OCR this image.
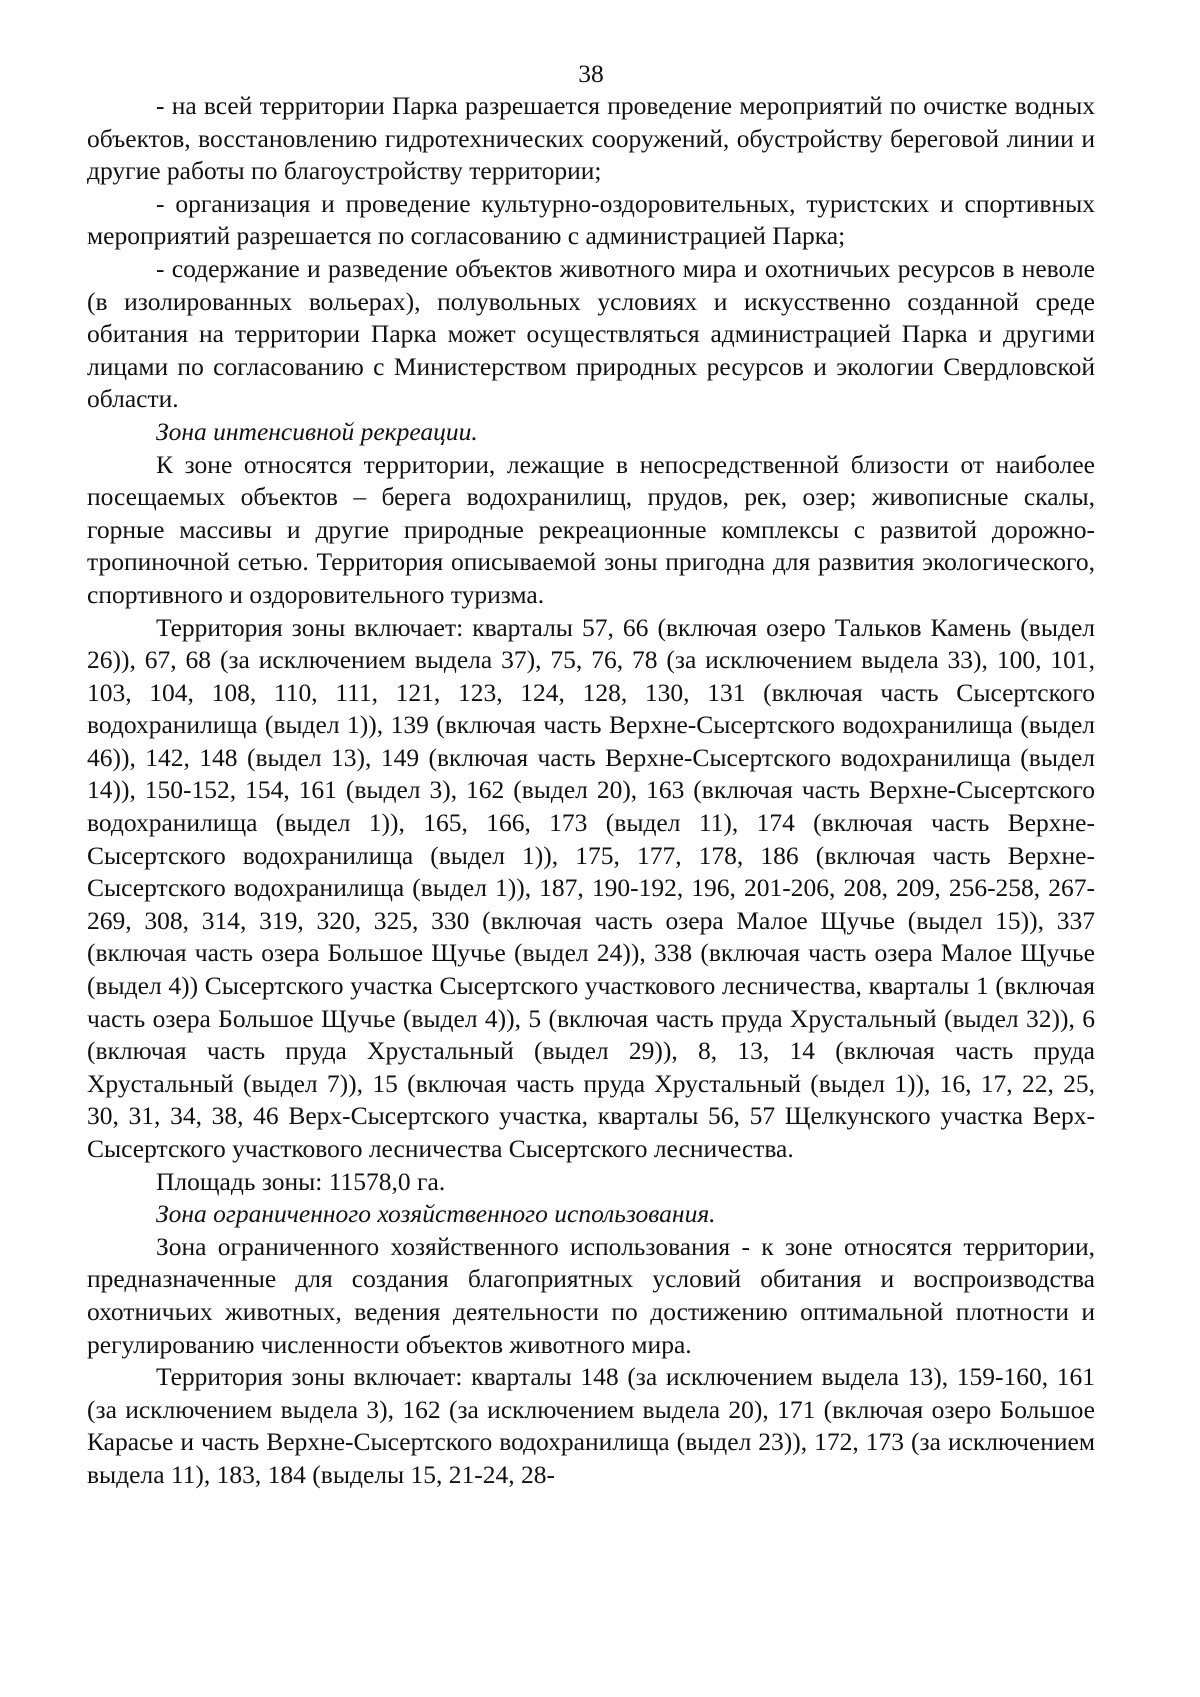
38

- на всей территории Парка разрешается проведение мероприятий по очистке водных объектов, восстановлению гидротехнических сооружений, обустройству береговой линии и другие работы по благоустройству территории;

- организация и проведение культурно-оздоровительных, туристских и спортивных мероприятий разрешается по согласованию с администрацией Парка;

- содержание и разведение объектов животного мира и охотничьих ресурсов в неволе (в изолированных вольерах), полувольных условиях и искусственно созданной среде обитания на территории Парка может осуществляться администрацией Парка и другими лицами по согласованию с Министерством природных ресурсов и экологии Свердловской области.

Зона интенсивной рекреации.

К зоне относятся территории, лежащие в непосредственной близости от наиболее посещаемых объектов – берега водохранилищ, прудов, рек, озер; живописные скалы, горные массивы и другие природные рекреационные комплексы с развитой дорожно-тропиночной сетью. Территория описываемой зоны пригодна для развития экологического, спортивного и оздоровительного туризма.

Территория зоны включает: кварталы 57, 66 (включая озеро Тальков Камень (выдел 26)), 67, 68 (за исключением выдела 37), 75, 76, 78 (за исключением выдела 33), 100, 101, 103, 104, 108, 110, 111, 121, 123, 124, 128, 130, 131 (включая часть Сысертского водохранилища (выдел 1)), 139 (включая часть Верхне-Сысертского водохранилища (выдел 46)), 142, 148 (выдел 13), 149 (включая часть Верхне-Сысертского водохранилища (выдел 14)), 150-152, 154, 161 (выдел 3), 162 (выдел 20), 163 (включая часть Верхне-Сысертского водохранилища (выдел 1)), 165, 166, 173 (выдел 11), 174 (включая часть Верхне-Сысертского водохранилища (выдел 1)), 175, 177, 178, 186 (включая часть Верхне-Сысертского водохранилища (выдел 1)), 187, 190-192, 196, 201-206, 208, 209, 256-258, 267-269, 308, 314, 319, 320, 325, 330 (включая часть озера Малое Щучье (выдел 15)), 337 (включая часть озера Большое Щучье (выдел 24)), 338 (включая часть озера Малое Щучье (выдел 4)) Сысертского участка Сысертского участкового лесничества, кварталы 1 (включая часть озера Большое Щучье (выдел 4)), 5 (включая часть пруда Хрустальный (выдел 32)), 6 (включая часть пруда Хрустальный (выдел 29)), 8, 13, 14 (включая часть пруда Хрустальный (выдел 7)), 15 (включая часть пруда Хрустальный (выдел 1)), 16, 17, 22, 25, 30, 31, 34, 38, 46 Верх-Сысертского участка, кварталы 56, 57 Щелкунского участка Верх-Сысертского участкового лесничества Сысертского лесничества.

Площадь зоны: 11578,0 га.

Зона ограниченного хозяйственного использования.

Зона ограниченного хозяйственного использования - к зоне относятся территории, предназначенные для создания благоприятных условий обитания и воспроизводства охотничьих животных, ведения деятельности по достижению оптимальной плотности и регулированию численности объектов животного мира.

Территория зоны включает: кварталы 148 (за исключением выдела 13), 159-160, 161 (за исключением выдела 3), 162 (за исключением выдела 20), 171 (включая озеро Большое Карасье и часть Верхне-Сысертского водохранилища (выдел 23)), 172, 173 (за исключением выдела 11), 183, 184 (выделы 15, 21-24, 28-
